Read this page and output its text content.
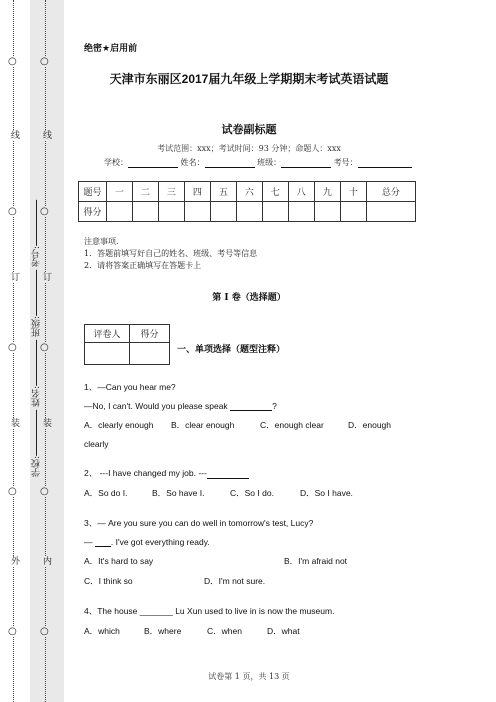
○
线
○
订
○
装
○
外
○
○
线
○
订
○
装
○
内
○
学校: 姓名: 班级: 考号:
绝密★启用前
天津市东丽区2017届九年级上学期期末考试英语试题
试卷副标题
考试范围：xxx；考试时间：93 分钟；命题人：xxx
学校：	姓名：	班级：	考号：
题号	一	二	三	四	五	六	七	八	九	十	总分
得分											
注意事项.
1．答题前填写好自己的姓名、班级、考号等信息
2．请将答案正确填写在答题卡上
第 I 卷（选择题）
评卷人	得分

一、单项选择（题型注释）
1、—Can you hear me?
—No, I can't. Would you please speak	?
A．clearly enough B．clear enough	C．enough clear	D．enough
clearly
2、 ---I have changed my job. ---
A．So do I.	B．So have I.	C．So I do.	D．So I have.
3、— Are you sure you can do well in tomorrow's test, Lucy?
— . I've got everything ready.
A．It's hard to say	B．I'm afraid not
C．I think so	D．I'm not sure.
4、The house _______ Lu Xun used to live in is now the museum.
A．which	B．where	C．when	D．what
试卷第 1 页，共 13 页
